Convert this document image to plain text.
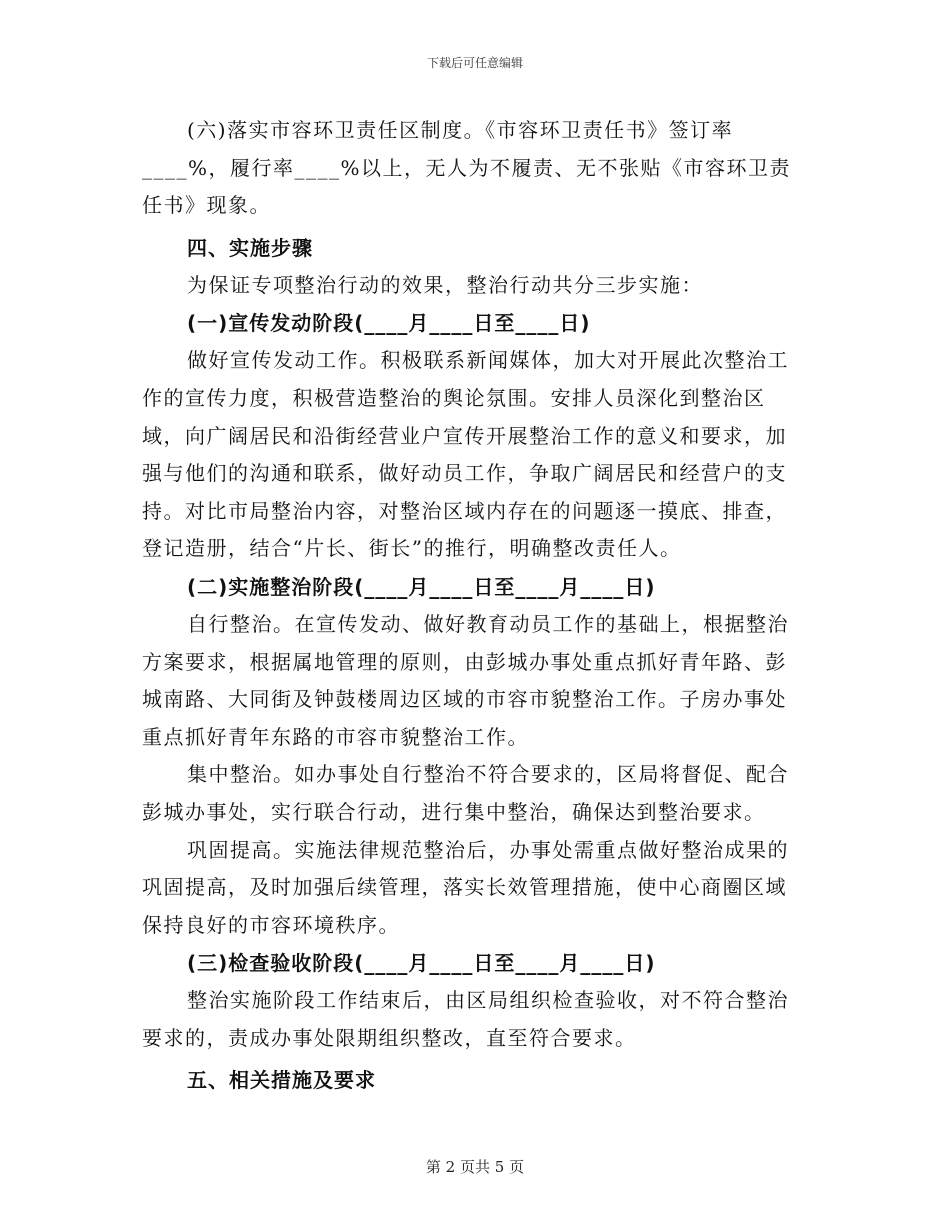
下载后可任意编辑

(六)落实市容环卫责任区制度。《市容环卫责任书》签订率____%，履行率____%以上，无人为不履责、无不张贴《市容环卫责任书》现象。

四、实施步骤

为保证专项整治行动的效果，整治行动共分三步实施：

(一)宣传发动阶段(____月____日至____日)

做好宣传发动工作。积极联系新闻媒体，加大对开展此次整治工作的宣传力度，积极营造整治的舆论氛围。安排人员深化到整治区域，向广阔居民和沿街经营业户宣传开展整治工作的意义和要求，加强与他们的沟通和联系，做好动员工作，争取广阔居民和经营户的支持。对比市局整治内容，对整治区域内存在的问题逐一摸底、排查，登记造册，结合“片长、街长”的推行，明确整改责任人。

(二)实施整治阶段(____月____日至____月____日)

自行整治。在宣传发动、做好教育动员工作的基础上，根据整治方案要求，根据属地管理的原则，由彭城办事处重点抓好青年路、彭城南路、大同街及钟鼓楼周边区域的市容市貌整治工作。子房办事处重点抓好青年东路的市容市貌整治工作。

集中整治。如办事处自行整治不符合要求的，区局将督促、配合彭城办事处，实行联合行动，进行集中整治，确保达到整治要求。

巩固提高。实施法律规范整治后，办事处需重点做好整治成果的巩固提高，及时加强后续管理，落实长效管理措施，使中心商圈区域保持良好的市容环境秩序。

(三)检查验收阶段(____月____日至____月____日)

整治实施阶段工作结束后，由区局组织检查验收，对不符合整治要求的，责成办事处限期组织整改，直至符合要求。

五、相关措施及要求

第 2 页共 5 页
